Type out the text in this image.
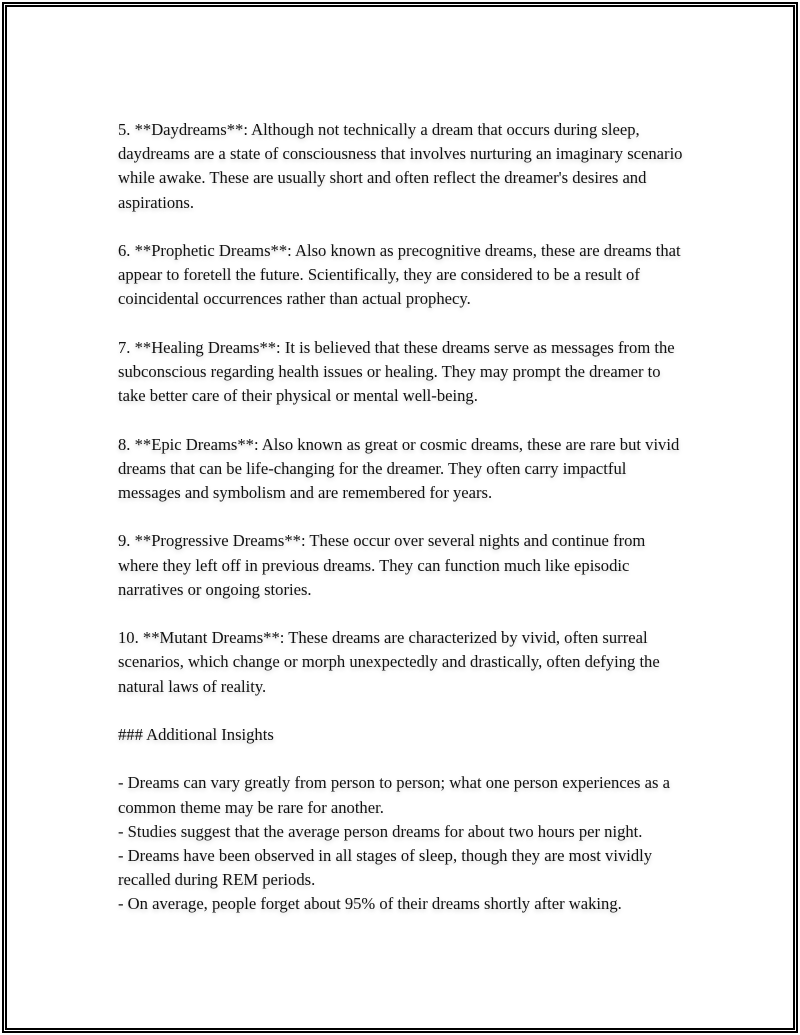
5. **Daydreams**: Although not technically a dream that occurs during sleep, daydreams are a state of consciousness that involves nurturing an imaginary scenario while awake. These are usually short and often reflect the dreamer's desires and aspirations.

6. **Prophetic Dreams**: Also known as precognitive dreams, these are dreams that appear to foretell the future. Scientifically, they are considered to be a result of coincidental occurrences rather than actual prophecy.

7. **Healing Dreams**: It is believed that these dreams serve as messages from the subconscious regarding health issues or healing. They may prompt the dreamer to take better care of their physical or mental well-being.

8. **Epic Dreams**: Also known as great or cosmic dreams, these are rare but vivid dreams that can be life-changing for the dreamer. They often carry impactful messages and symbolism and are remembered for years.

9. **Progressive Dreams**: These occur over several nights and continue from where they left off in previous dreams. They can function much like episodic narratives or ongoing stories.

10. **Mutant Dreams**: These dreams are characterized by vivid, often surreal scenarios, which change or morph unexpectedly and drastically, often defying the natural laws of reality.

### Additional Insights

- Dreams can vary greatly from person to person; what one person experiences as a common theme may be rare for another.

- Studies suggest that the average person dreams for about two hours per night.

- Dreams have been observed in all stages of sleep, though they are most vividly recalled during REM periods.

- On average, people forget about 95% of their dreams shortly after waking.
